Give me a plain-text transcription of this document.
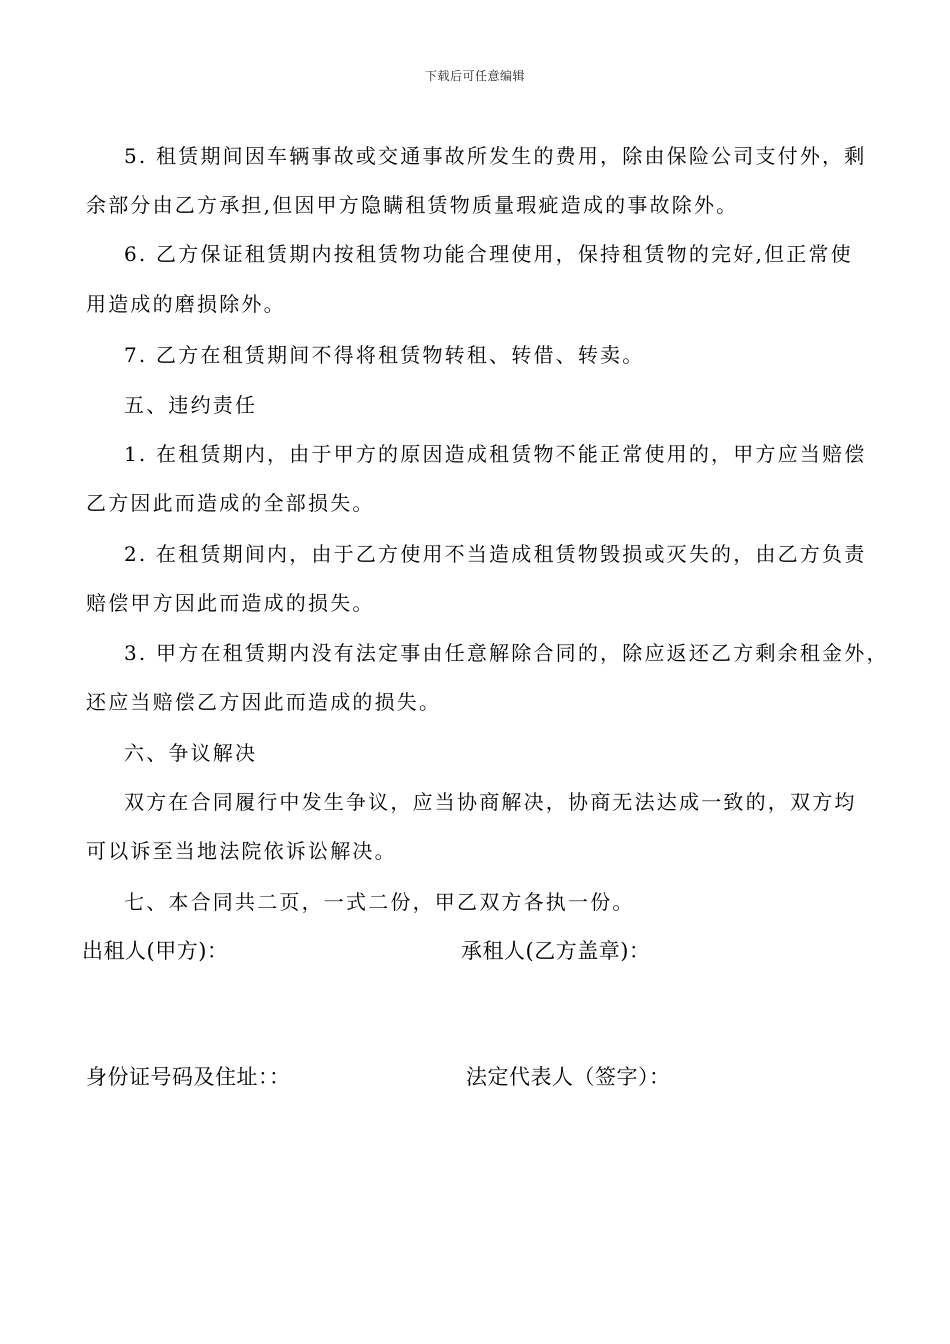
下载后可任意编辑
5. 租赁期间因车辆事故或交通事故所发生的费用，除由保险公司支付外，剩
余部分由乙方承担,但因甲方隐瞒租赁物质量瑕疵造成的事故除外。
6. 乙方保证租赁期内按租赁物功能合理使用，保持租赁物的完好,但正常使
用造成的磨损除外。
7. 乙方在租赁期间不得将租赁物转租、转借、转卖。
五、违约责任
1. 在租赁期内，由于甲方的原因造成租赁物不能正常使用的，甲方应当赔偿
乙方因此而造成的全部损失。
2. 在租赁期间内，由于乙方使用不当造成租赁物毁损或灭失的，由乙方负责
赔偿甲方因此而造成的损失。
3. 甲方在租赁期内没有法定事由任意解除合同的，除应返还乙方剩余租金外，
还应当赔偿乙方因此而造成的损失。
六、争议解决
双方在合同履行中发生争议，应当协商解决，协商无法达成一致的，双方均
可以诉至当地法院依诉讼解决。
七、本合同共二页，一式二份，甲乙双方各执一份。
出租人(甲方)：	承租人(乙方盖章)：
身份证号码及住址：：	法定代表人（签字）：
